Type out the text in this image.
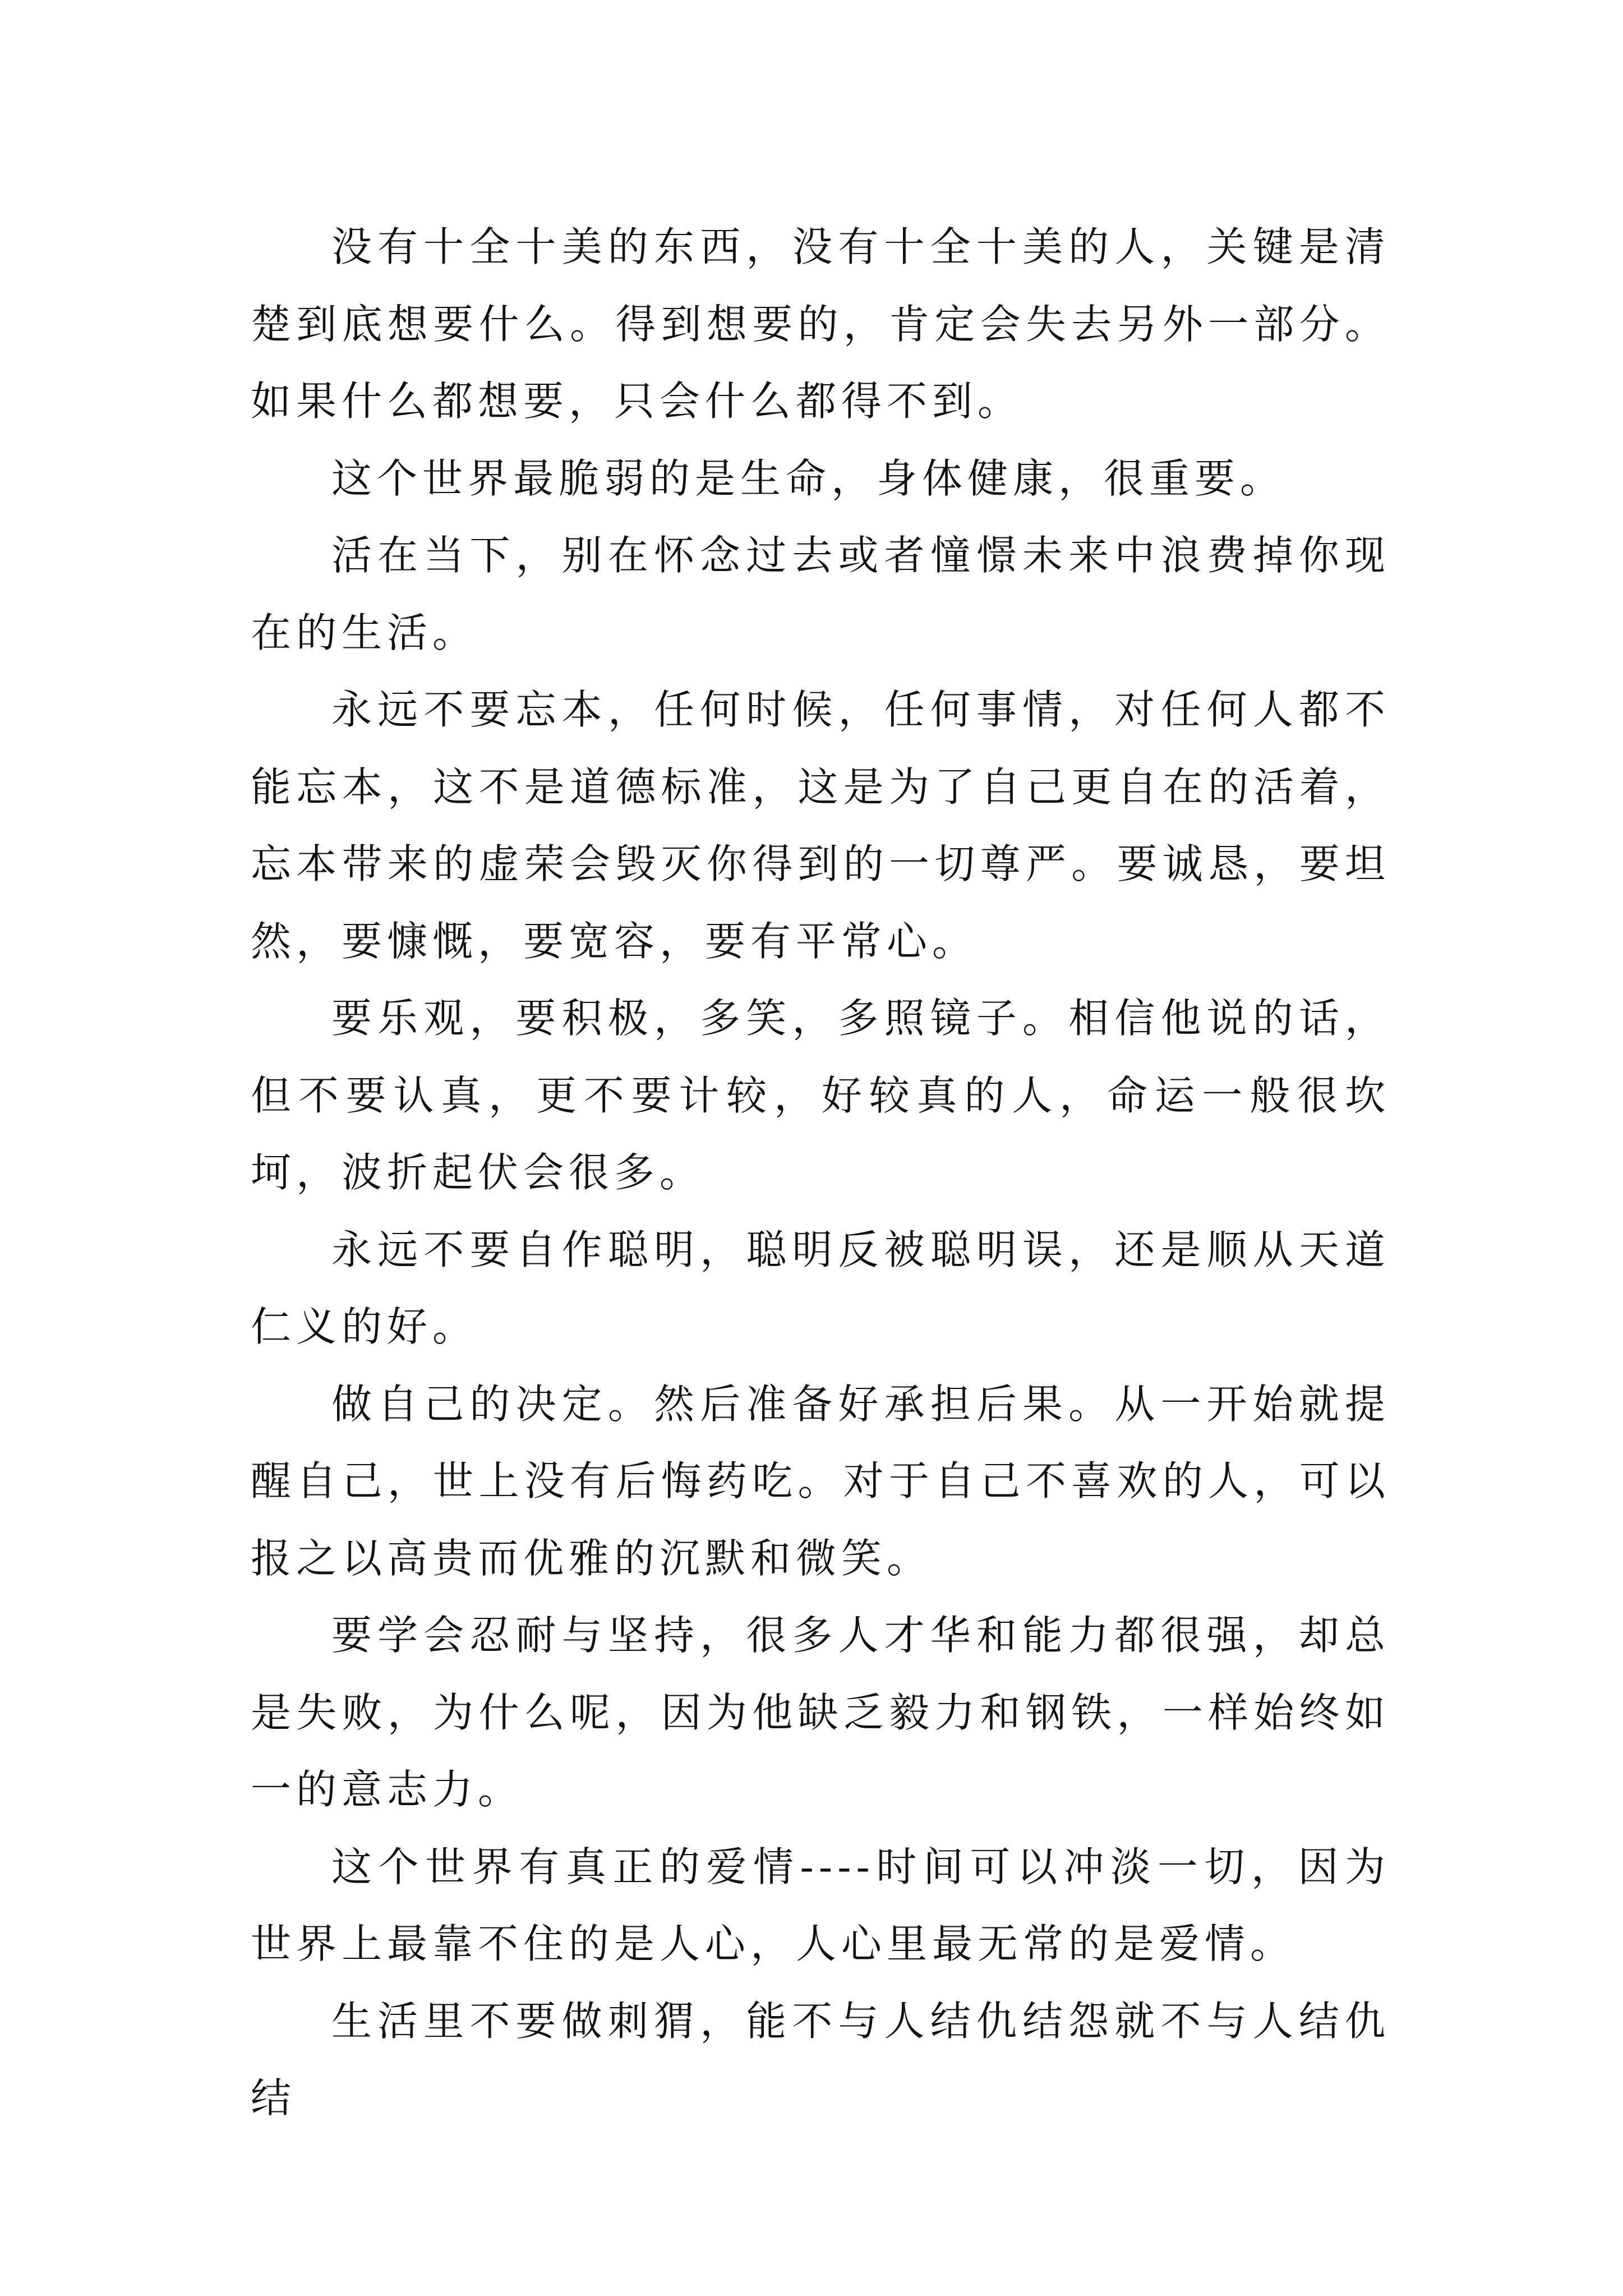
没有十全十美的东西，没有十全十美的人，关键是清楚到底想要什么。得到想要的，肯定会失去另外一部分。如果什么都想要，只会什么都得不到。

这个世界最脆弱的是生命，身体健康，很重要。

活在当下，别在怀念过去或者憧憬未来中浪费掉你现在的生活。

永远不要忘本，任何时候，任何事情，对任何人都不能忘本，这不是道德标准，这是为了自己更自在的活着，忘本带来的虚荣会毁灭你得到的一切尊严。要诚恳，要坦然，要慷慨，要宽容，要有平常心。

要乐观，要积极，多笑，多照镜子。相信他说的话，但不要认真，更不要计较，好较真的人，命运一般很坎坷，波折起伏会很多。

永远不要自作聪明，聪明反被聪明误，还是顺从天道仁义的好。

做自己的决定。然后准备好承担后果。从一开始就提醒自己，世上没有后悔药吃。对于自己不喜欢的人，可以报之以高贵而优雅的沉默和微笑。

要学会忍耐与坚持，很多人才华和能力都很强，却总是失败，为什么呢，因为他缺乏毅力和钢铁，一样始终如一的意志力。

这个世界有真正的爱情----时间可以冲淡一切，因为世界上最靠不住的是人心，人心里最无常的是爱情。

生活里不要做刺猬，能不与人结仇结怨就不与人结仇结
